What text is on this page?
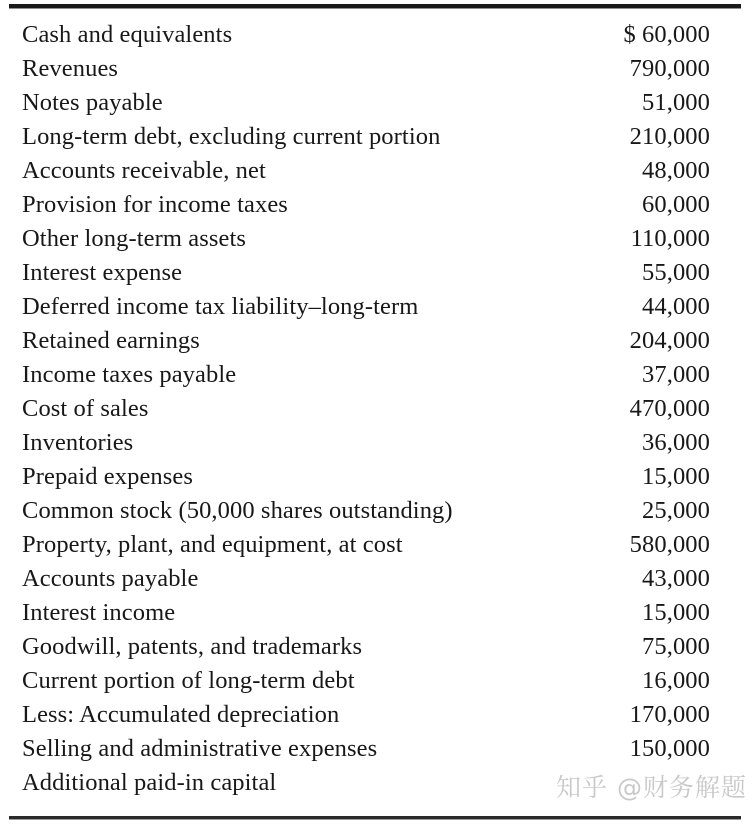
Cash and equivalents	$ 60,000
Revenues	790,000
Notes payable	51,000
Long-term debt, excluding current portion	210,000
Accounts receivable, net	48,000
Provision for income taxes	60,000
Other long-term assets	110,000
Interest expense	55,000
Deferred income tax liability–long-term	44,000
Retained earnings	204,000
Income taxes payable	37,000
Cost of sales	470,000
Inventories	36,000
Prepaid expenses	15,000
Common stock (50,000 shares outstanding)	25,000
Property, plant, and equipment, at cost	580,000
Accounts payable	43,000
Interest income	15,000
Goodwill, patents, and trademarks	75,000
Current portion of long-term debt	16,000
Less: Accumulated depreciation	170,000
Selling and administrative expenses	150,000
Additional paid-in capital	知乎 @财务解题
